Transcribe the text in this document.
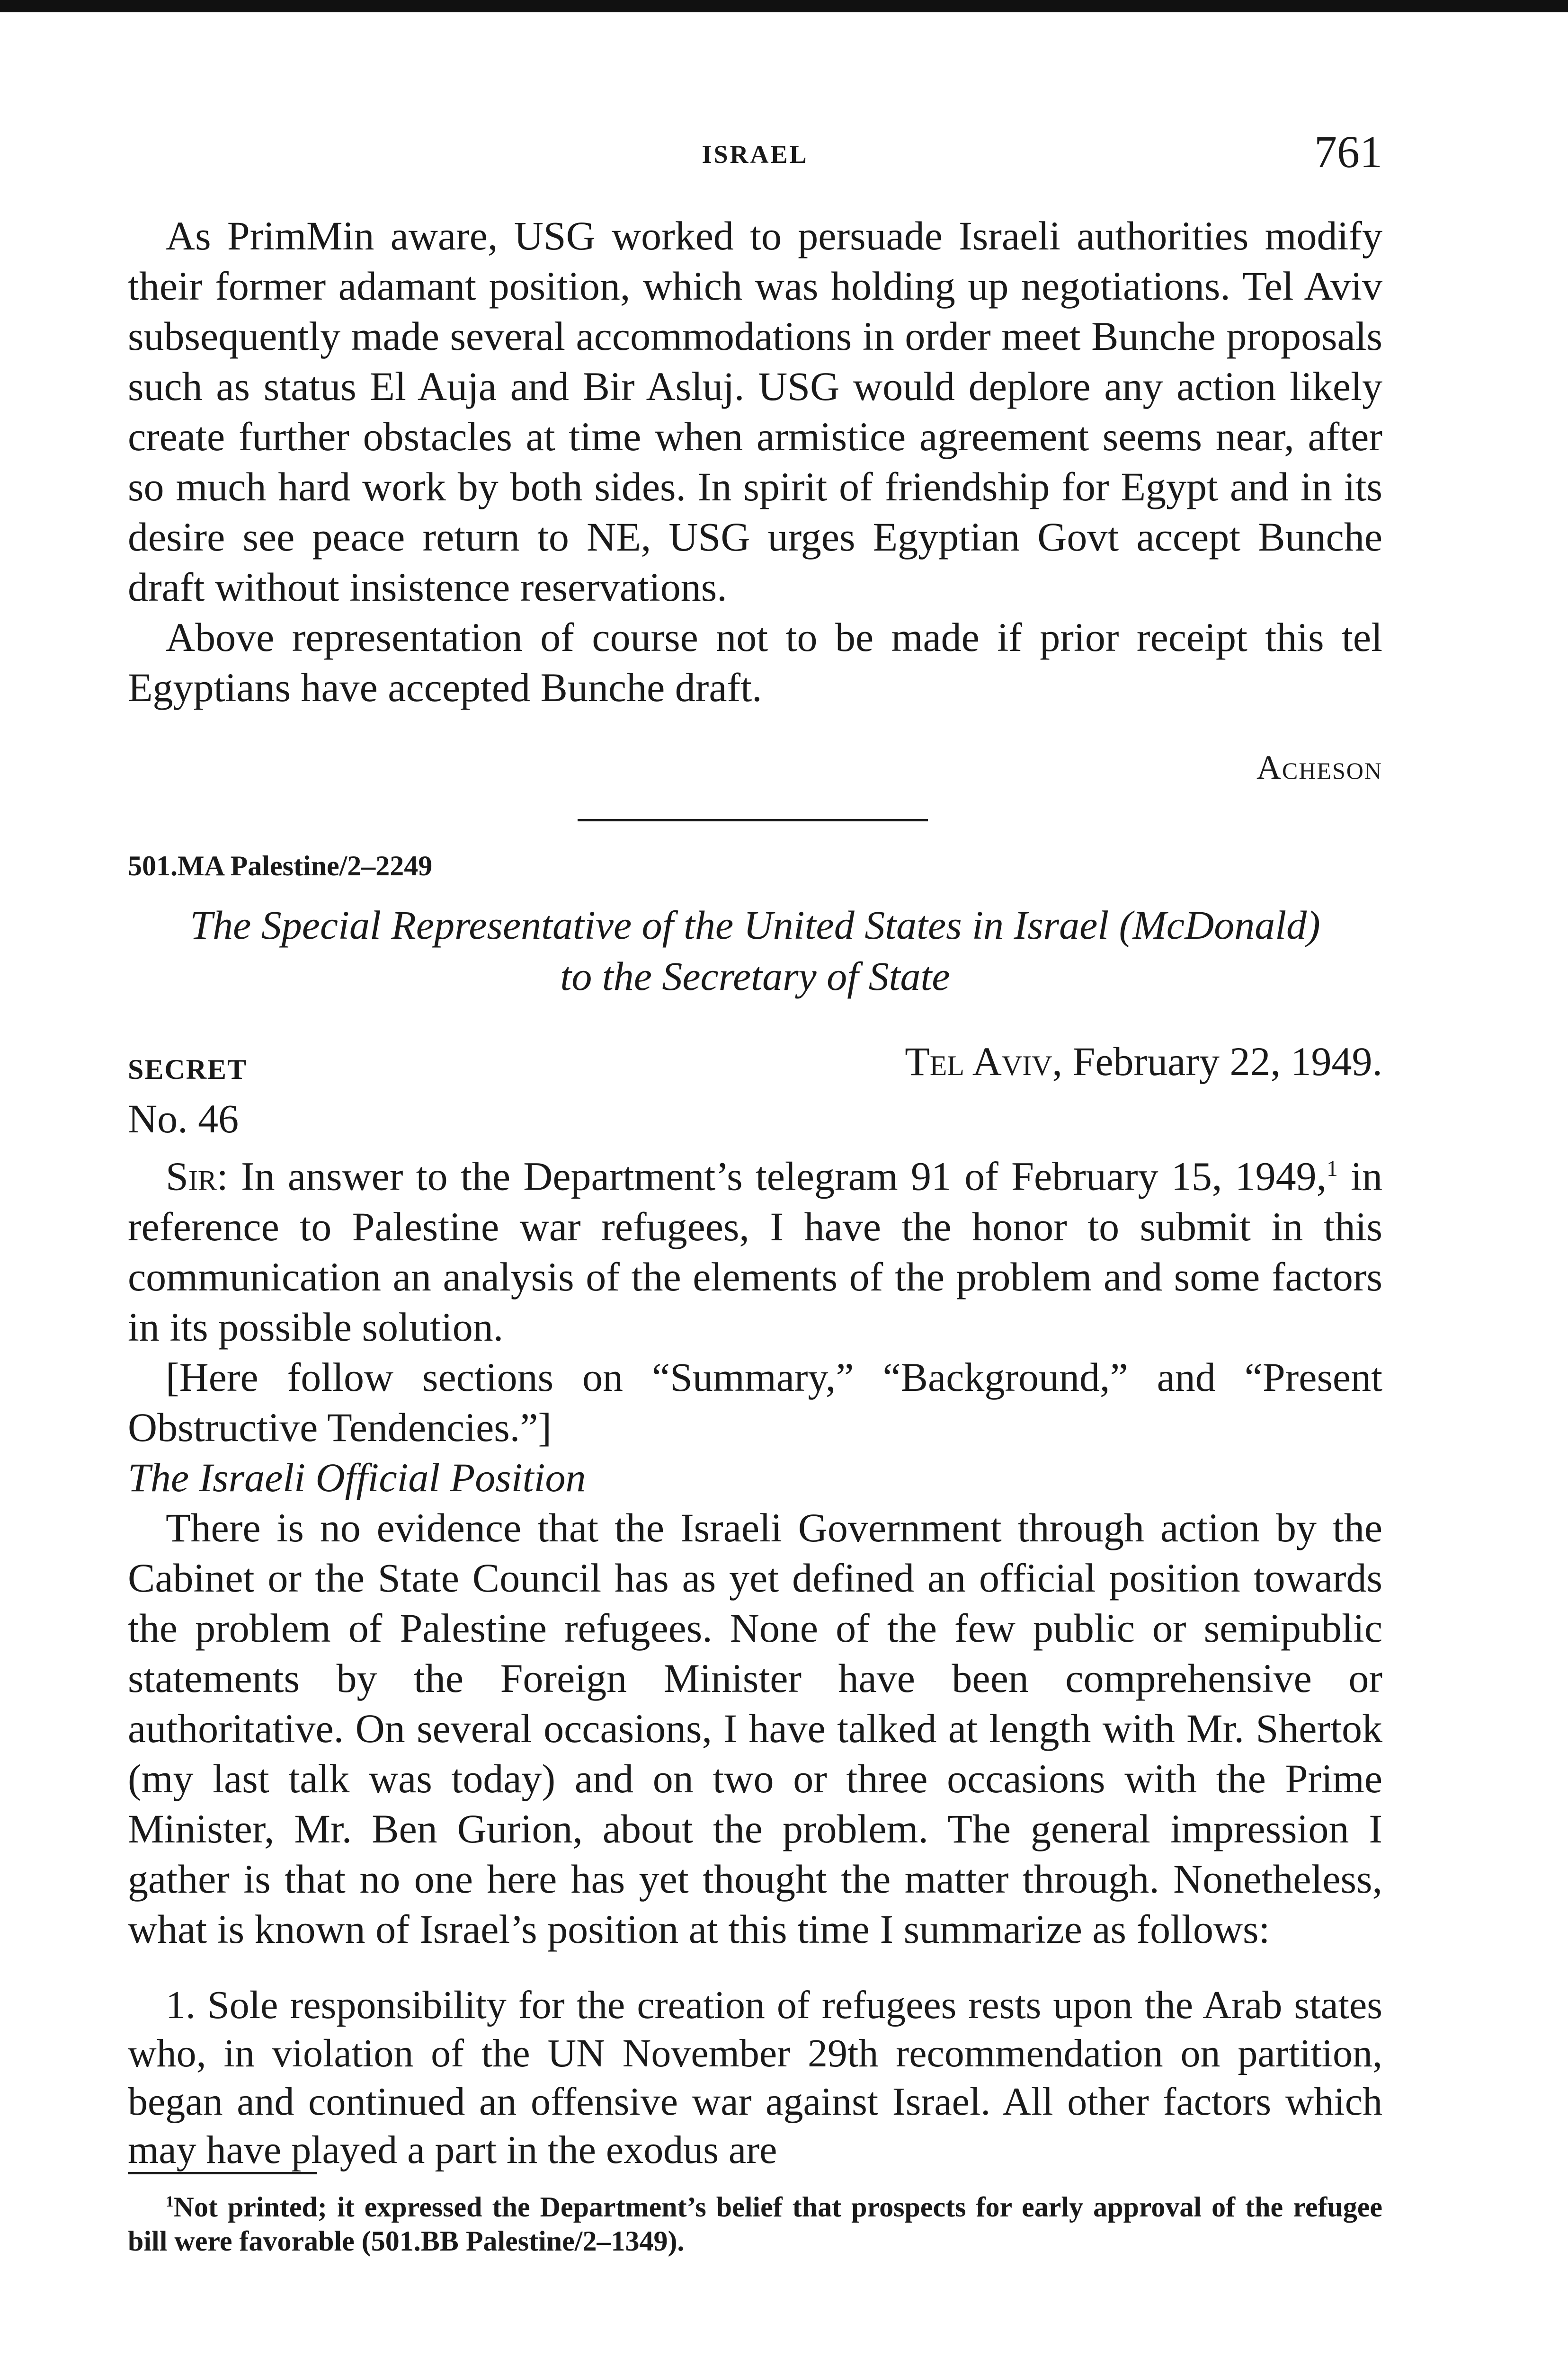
ISRAEL	761

As PrimMin aware, USG worked to persuade Israeli authorities modify their former adamant position, which was holding up negotiations. Tel Aviv subsequently made several accommodations in order meet Bunche proposals such as status El Auja and Bir Asluj. USG would deplore any action likely create further obstacles at time when armistice agreement seems near, after so much hard work by both sides. In spirit of friendship for Egypt and in its desire see peace return to NE, USG urges Egyptian Govt accept Bunche draft without insistence reservations.

Above representation of course not to be made if prior receipt this tel Egyptians have accepted Bunche draft.

Acheson
501.MA Palestine/2–2249
The Special Representative of the United States in Israel (McDonald)
to the Secretary of State
SECRET	Tel Aviv, February 22, 1949.

No. 46

Sir: In answer to the Department’s telegram 91 of February 15, 1949,$^1$ in reference to Palestine war refugees, I have the honor to submit in this communication an analysis of the elements of the problem and some factors in its possible solution.

[Here follow sections on “Summary,” “Background,” and “Present Obstructive Tendencies.”]

The Israeli Official Position

There is no evidence that the Israeli Government through action by the Cabinet or the State Council has as yet defined an official position towards the problem of Palestine refugees. None of the few public or semipublic statements by the Foreign Minister have been comprehensive or authoritative. On several occasions, I have talked at length with Mr. Shertok (my last talk was today) and on two or three occasions with the Prime Minister, Mr. Ben Gurion, about the problem. The general impression I gather is that no one here has yet thought the matter through. Nonetheless, what is known of Israel’s position at this time I summarize as follows:

1. Sole responsibility for the creation of refugees rests upon the Arab states who, in violation of the UN November 29th recommendation on partition, began and continued an offensive war against Israel. All other factors which may have played a part in the exodus are

$^1$Not printed; it expressed the Department’s belief that prospects for early approval of the refugee bill were favorable (501.BB Palestine/2–1349).
